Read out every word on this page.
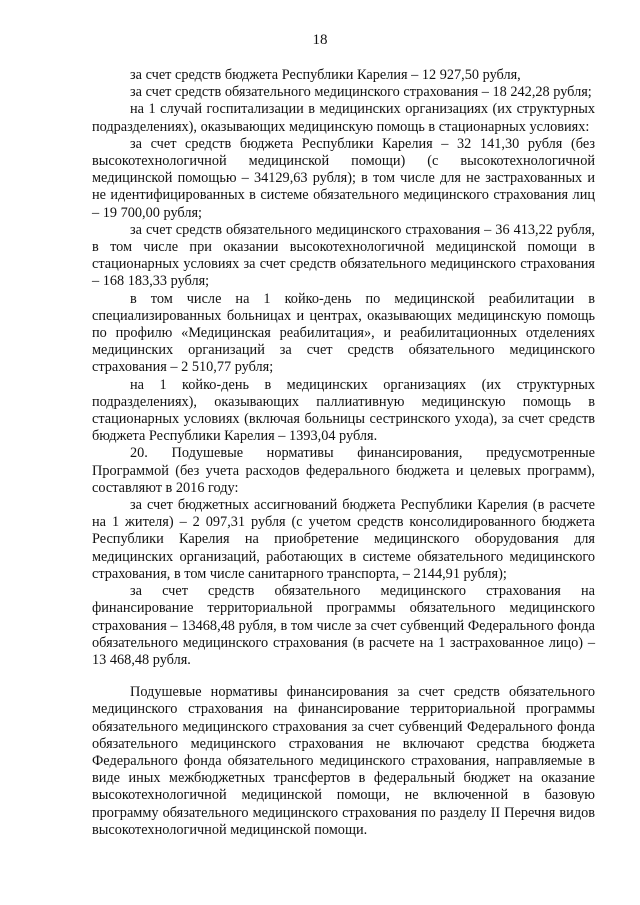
18

за счет средств бюджета Республики Карелия – 12 927,50 рубля,

за счет средств обязательного медицинского страхования – 18 242,28 рубля;

на 1 случай госпитализации в медицинских организациях (их структурных подразделениях), оказывающих медицинскую помощь в стационарных условиях:

за счет средств бюджета Республики Карелия – 32 141,30 рубля (без высокотехнологичной медицинской помощи) (с высокотехнологичной медицинской помощью – 34129,63 рубля); в том числе для не застрахованных и не идентифицированных в системе обязательного медицинского страхования лиц – 19 700,00 рубля;

за счет средств обязательного медицинского страхования – 36 413,22 рубля, в том числе при оказании высокотехнологичной медицинской помощи в стационарных условиях за счет средств обязательного медицинского страхования – 168 183,33 рубля;

в том числе на 1 койко-день по медицинской реабилитации в специализированных больницах и центрах, оказывающих медицинскую помощь по профилю «Медицинская реабилитация», и реабилитационных отделениях медицинских организаций за счет средств обязательного медицинского страхования – 2 510,77 рубля;

на 1 койко-день в медицинских организациях (их структурных подразделениях), оказывающих паллиативную медицинскую помощь в стационарных условиях (включая больницы сестринского ухода), за счет средств бюджета Республики Карелия – 1393,04 рубля.

20. Подушевые нормативы финансирования, предусмотренные Программой (без учета расходов федерального бюджета и целевых программ), составляют в 2016 году:

за счет бюджетных ассигнований бюджета Республики Карелия (в расчете на 1 жителя) – 2 097,31 рубля (с учетом средств консолидированного бюджета Республики Карелия на приобретение медицинского оборудования для медицинских организаций, работающих в системе обязательного медицинского страхования, в том числе санитарного транспорта, – 2144,91 рубля);

за счет средств обязательного медицинского страхования на финансирование территориальной программы обязательного медицинского страхования – 13468,48 рубля, в том числе за счет субвенций Федерального фонда обязательного медицинского страхования (в расчете на 1 застрахованное лицо) – 13 468,48 рубля.

Подушевые нормативы финансирования за счет средств обязательного медицинского страхования на финансирование территориальной программы обязательного медицинского страхования за счет субвенций Федерального фонда обязательного медицинского страхования не включают средства бюджета Федерального фонда обязательного медицинского страхования, направляемые в виде иных межбюджетных трансфертов в федеральный бюджет на оказание высокотехнологичной медицинской помощи, не включенной в базовую программу обязательного медицинского страхования по разделу II Перечня видов высокотехнологичной медицинской помощи.
